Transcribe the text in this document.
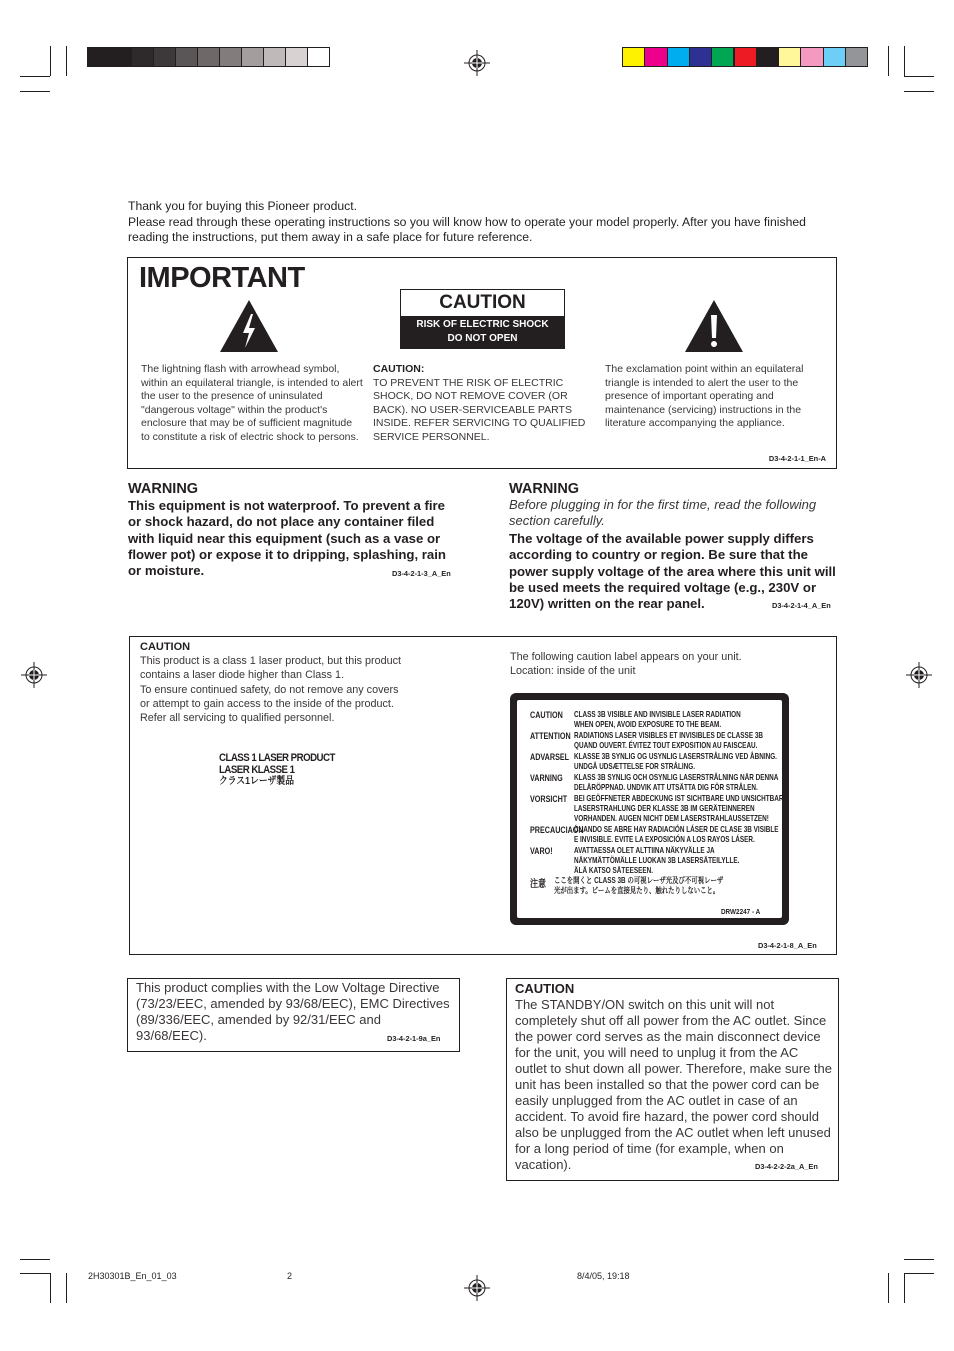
Thank you for buying this Pioneer product.
Please read through these operating instructions so you will know how to operate your model properly. After you have finished reading the instructions, put them away in a safe place for future reference.
IMPORTANT
CAUTION
RISK OF ELECTRIC SHOCK
DO NOT OPEN
The lightning flash with arrowhead symbol, within an equilateral triangle, is intended to alert the user to the presence of uninsulated "dangerous voltage" within the product's enclosure that may be of sufficient magnitude to constitute a risk of electric shock to persons.
CAUTION:
TO PREVENT THE RISK OF ELECTRIC SHOCK, DO NOT REMOVE COVER (OR BACK). NO USER-SERVICEABLE PARTS INSIDE. REFER SERVICING TO QUALIFIED SERVICE PERSONNEL.
The exclamation point within an equilateral triangle is intended to alert the user to the presence of important operating and maintenance (servicing) instructions in the literature accompanying the appliance.
D3-4-2-1-1_En-A
WARNING
This equipment is not waterproof. To prevent a fire or shock hazard, do not place any container filed with liquid near this equipment (such as a vase or flower pot) or expose it to dripping, splashing, rain or moisture.	D3-4-2-1-3_A_En
WARNING
Before plugging in for the first time, read the following section carefully.
The voltage of the available power supply differs according to country or region. Be sure that the power supply voltage of the area where this unit will be used meets the required voltage (e.g., 230V or 120V) written on the rear panel.	D3-4-2-1-4_A_En
CAUTION
This product is a class 1 laser product, but this product contains a laser diode higher than Class 1.
To ensure continued safety, do not remove any covers or attempt to gain access to the inside of the product. Refer all servicing to qualified personnel.
CLASS 1 LASER PRODUCT
LASER KLASSE 1
クラス1レーザ製品
The following caution label appears on your unit.
Location: inside of the unit
CAUTION CLASS 3B VISIBLE AND INVISIBLE LASER RADIATION
WHEN OPEN, AVOID EXPOSURE TO THE BEAM.
ATTENTION RADIATIONS LASER VISIBLES ET INVISIBLES DE CLASSE 3B
QUAND OUVERT. ÉVITEZ TOUT EXPOSITION AU FAISCEAU.
ADVARSEL KLASSE 3B SYNLIG OG USYNLIG LASERSTRÅLING VED ÅBNING.
UNDGÅ UDSÆTTELSE FOR STRÅLING.
VARNING KLASS 3B SYNLIG OCH OSYNLIG LASERSTRÅLNING NÄR DENNA
DELÄRÖPPNAD. UNDVIK ATT UTSÄTTA DIG FÖR STRÅLEN.
VORSICHT BEI GEÖFFNETER ABDECKUNG IST SICHTBARE UND UNSICHTBARE
LASERSTRAHLUNG DER KLASSE 3B IM GERÄTEINNEREN
VORHANDEN. AUGEN NICHT DEM LASERSTRAHLAUSSETZEN!
PRECAUCIAÓN
CUANDO SE ABRE HAY RADIACIÓN LÁSER DE CLASE 3B VISIBLE
E INVISIBLE. EVITE LA EXPOSICIÓN A LOS RAYOS LÁSER.
VARO!	AVATTAESSA OLET ALTTIINA NÄKYVÄLLE JA
NÄKYMÄTTÖMÄLLE LUOKAN 3B LASERSÄTEILYLLE.
ÄLÄ KATSO SÄTEESEEN.
注意 ここを開くと CLASS 3B の可視レーザ光及び不可視レーザ
光が出ます。ビームを直接見たり、触れたりしないこと。
DRW2247 - A
D3-4-2-1-8_A_En
This product complies with the Low Voltage Directive (73/23/EEC, amended by 93/68/EEC), EMC Directives (89/336/EEC, amended by 92/31/EEC and 93/68/EEC).	D3-4-2-1-9a_En
CAUTION
The STANDBY/ON switch on this unit will not completely shut off all power from the AC outlet. Since the power cord serves as the main disconnect device for the unit, you will need to unplug it from the AC outlet to shut down all power. Therefore, make sure the unit has been installed so that the power cord can be easily unplugged from the AC outlet in case of an accident. To avoid fire hazard, the power cord should also be unplugged from the AC outlet when left unused for a long period of time (for example, when on vacation).	D3-4-2-2-2a_A_En
2H30301B_En_01_03	2	8/4/05, 19:18
